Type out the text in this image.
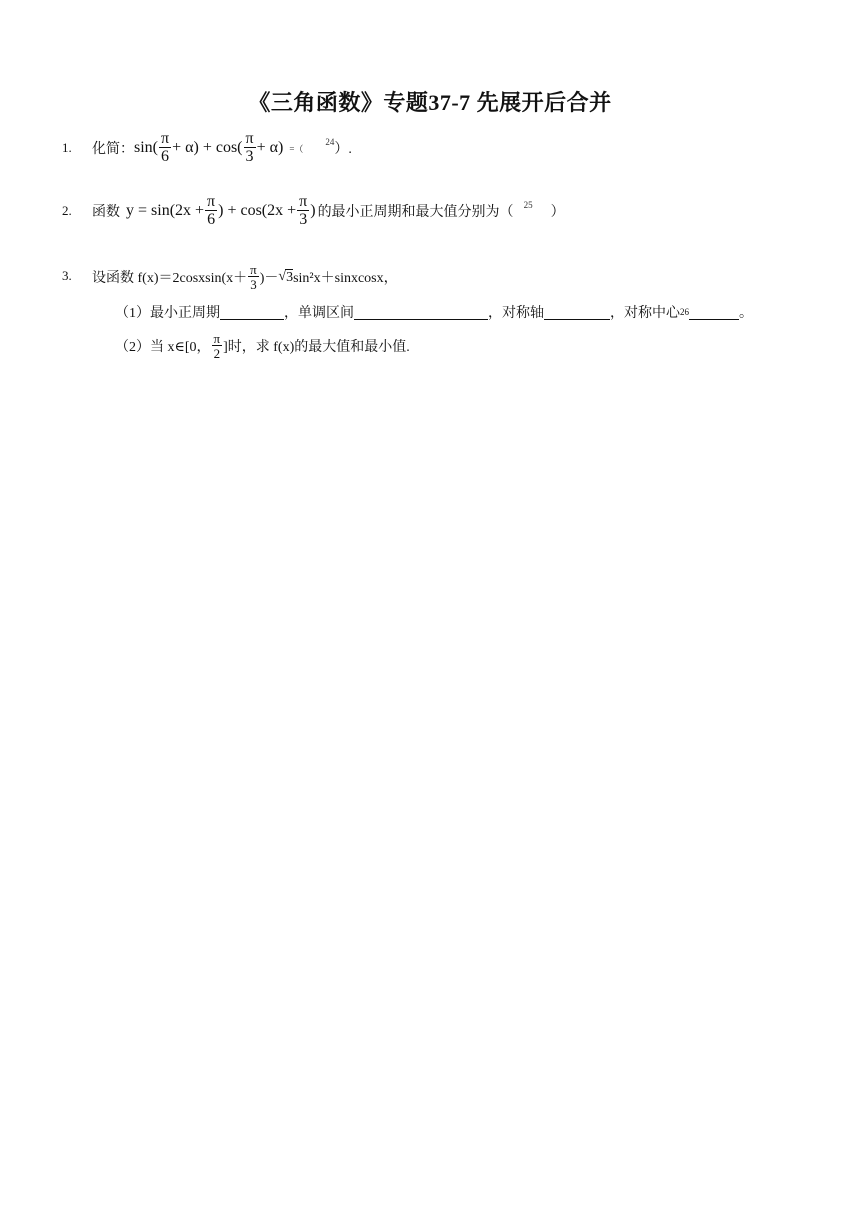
《三角函数》专题37-7 先展开后合并
1. 化简： $\sin( \frac{\pi}{6} + \alpha) + \cos( \frac{\pi}{3} + \alpha)$ =（
24 ）.
2. 函数 $y = \sin(2x + \frac{\pi}{6}$ ) + $\cos(2x + \frac{\pi}{3}$ ) 的最小正周期和最大值分别为（ 25 ）
3. 设函数 f(x)＝2cosxsin(x＋ $\frac{\pi}{3}$ )－ √ 3 sin²x＋sinxcosx，
（1）最小正周期	，单调区间	，对称轴	，对称中心 26	。
（2）当 x∈[0， $\frac{\pi}{2}$ ]时，求 f(x)的最大值和最小值.
